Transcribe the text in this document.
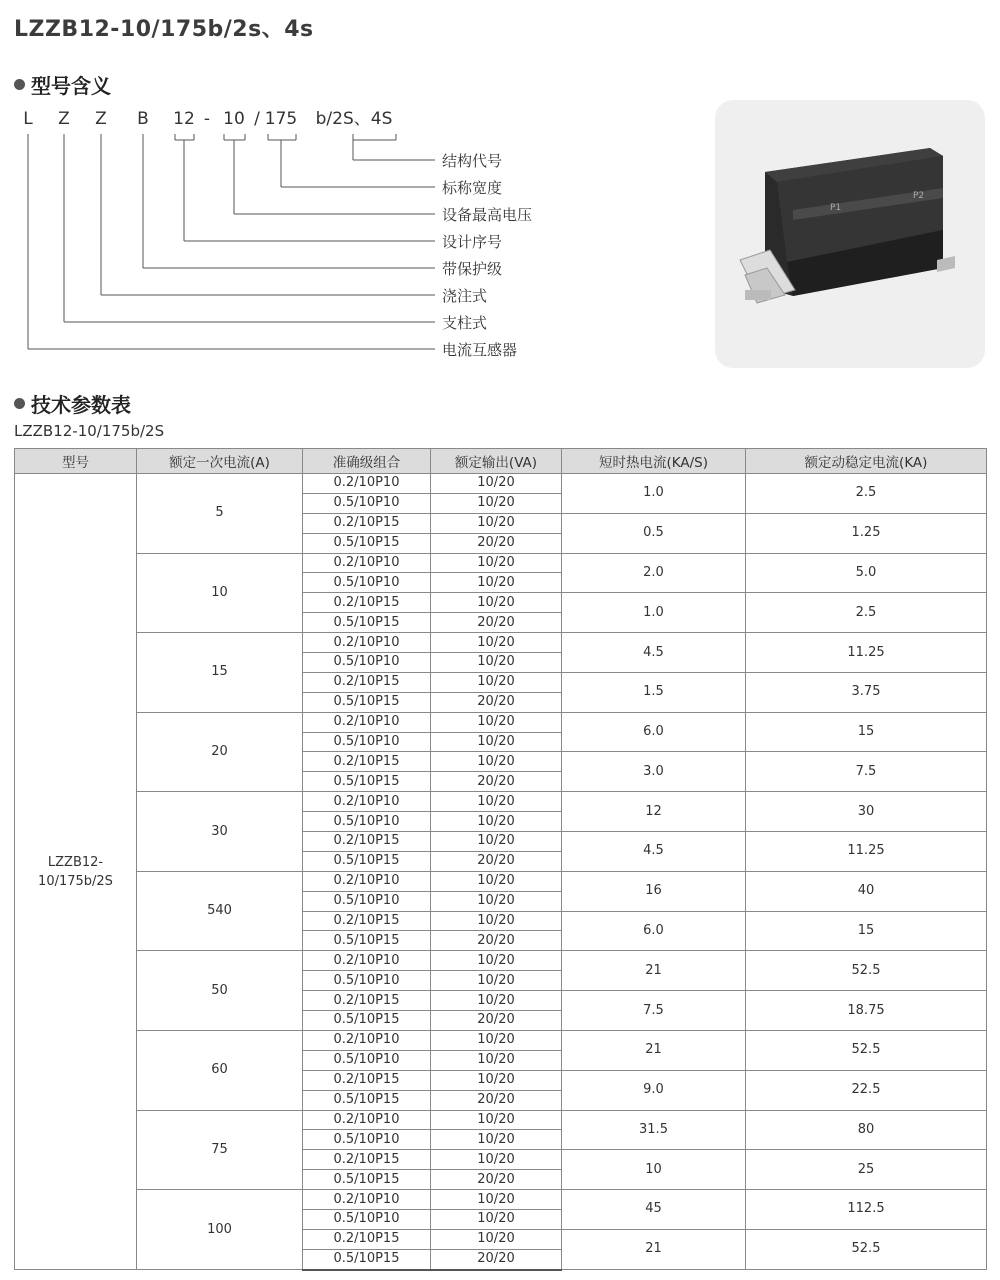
LZZB12-10/175b/2s、4s
型号含义
L Z Z B 12 - 10 / 175 b/2S、4S
结构代号
标称宽度
设备最高电压
设计序号
带保护级
浇注式
支柱式
电流互感器
P1
P2
技术参数表
LZZB12-10/175b/2S
型号	额定一次电流(A)	准确级组合	额定输出(VA)	短时热电流(KA/S)	额定动稳定电流(KA)
LZZB12-10/175b/2S	5	0.2/10P10	10/20	1.0	2.5
		0.5/10P10	10/20		
		0.2/10P15	10/20	0.5	1.25
		0.5/10P15	20/20		
	10	0.2/10P10	10/20	2.0	5.0
		0.5/10P10	10/20		
		0.2/10P15	10/20	1.0	2.5
		0.5/10P15	20/20		
	15	0.2/10P10	10/20	4.5	11.25
		0.5/10P10	10/20		
		0.2/10P15	10/20	1.5	3.75
		0.5/10P15	20/20		
	20	0.2/10P10	10/20	6.0	15
		0.5/10P10	10/20		
		0.2/10P15	10/20	3.0	7.5
		0.5/10P15	20/20		
	30	0.2/10P10	10/20	12	30
		0.5/10P10	10/20		
		0.2/10P15	10/20	4.5	11.25
		0.5/10P15	20/20		
	540	0.2/10P10	10/20	16	40
		0.5/10P10	10/20		
		0.2/10P15	10/20	6.0	15
		0.5/10P15	20/20		
	50	0.2/10P10	10/20	21	52.5
		0.5/10P10	10/20		
		0.2/10P15	10/20	7.5	18.75
		0.5/10P15	20/20		
	60	0.2/10P10	10/20	21	52.5
		0.5/10P10	10/20		
		0.2/10P15	10/20	9.0	22.5
		0.5/10P15	20/20		
	75	0.2/10P10	10/20	31.5	80
		0.5/10P10	10/20		
		0.2/10P15	10/20	10	25
		0.5/10P15	20/20		
	100	0.2/10P10	10/20	45	112.5
		0.5/10P10	10/20		
		0.2/10P15	10/20	21	52.5
		0.5/10P15	20/20		
